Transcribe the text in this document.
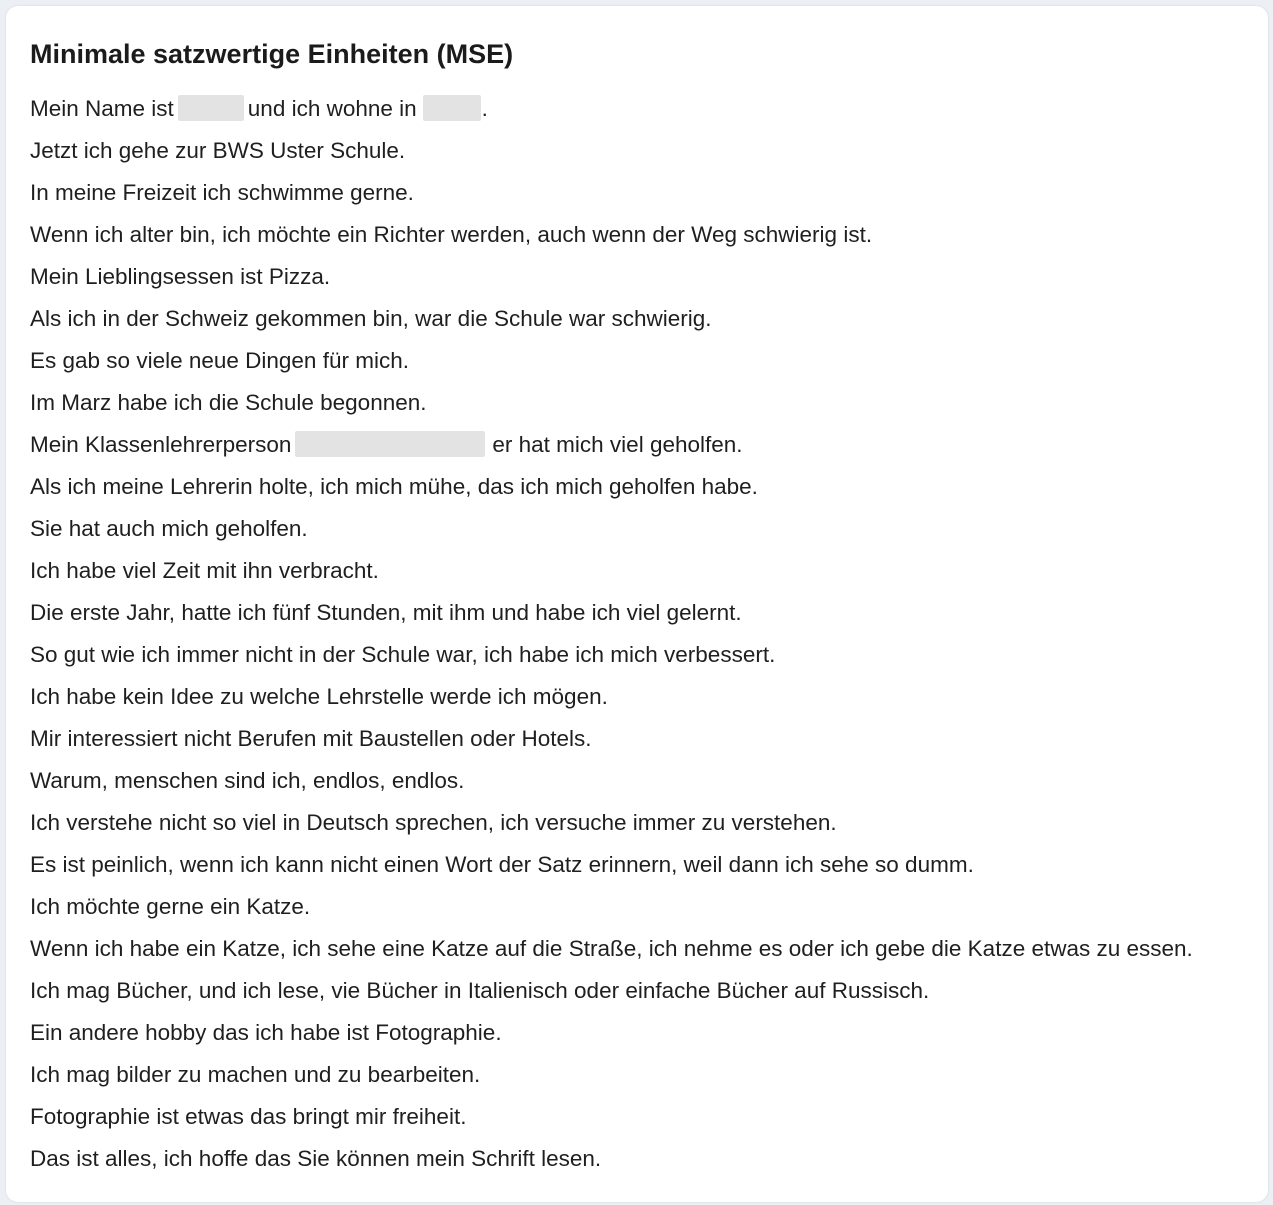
Minimale satzwertige Einheiten (MSE)
Mein Name ist	und ich wohne in	.
Jetzt ich gehe zur BWS Uster Schule.
In meine Freizeit ich schwimme gerne.
Wenn ich alter bin, ich möchte ein Richter werden, auch wenn der Weg schwierig ist.
Mein Lieblingsessen ist Pizza.
Als ich in der Schweiz gekommen bin, war die Schule war schwierig.
Es gab so viele neue Dingen für mich.
Im Marz habe ich die Schule begonnen.
Mein Klassenlehrerperson	er hat mich viel geholfen.
Als ich meine Lehrerin holte, ich mich mühe, das ich mich geholfen habe.
Sie hat auch mich geholfen.
Ich habe viel Zeit mit ihn verbracht.
Die erste Jahr, hatte ich fünf Stunden, mit ihm und habe ich viel gelernt.
So gut wie ich immer nicht in der Schule war, ich habe ich mich verbessert.
Ich habe kein Idee zu welche Lehrstelle werde ich mögen.
Mir interessiert nicht Berufen mit Baustellen oder Hotels.
Warum, menschen sind ich, endlos, endlos.
Ich verstehe nicht so viel in Deutsch sprechen, ich versuche immer zu verstehen.
Es ist peinlich, wenn ich kann nicht einen Wort der Satz erinnern, weil dann ich sehe so dumm.
Ich möchte gerne ein Katze.
Wenn ich habe ein Katze, ich sehe eine Katze auf die Straße, ich nehme es oder ich gebe die Katze etwas zu essen.
Ich mag Bücher, und ich lese, vie Bücher in Italienisch oder einfache Bücher auf Russisch.
Ein andere hobby das ich habe ist Fotographie.
Ich mag bilder zu machen und zu bearbeiten.
Fotographie ist etwas das bringt mir freiheit.
Das ist alles, ich hoffe das Sie können mein Schrift lesen.
